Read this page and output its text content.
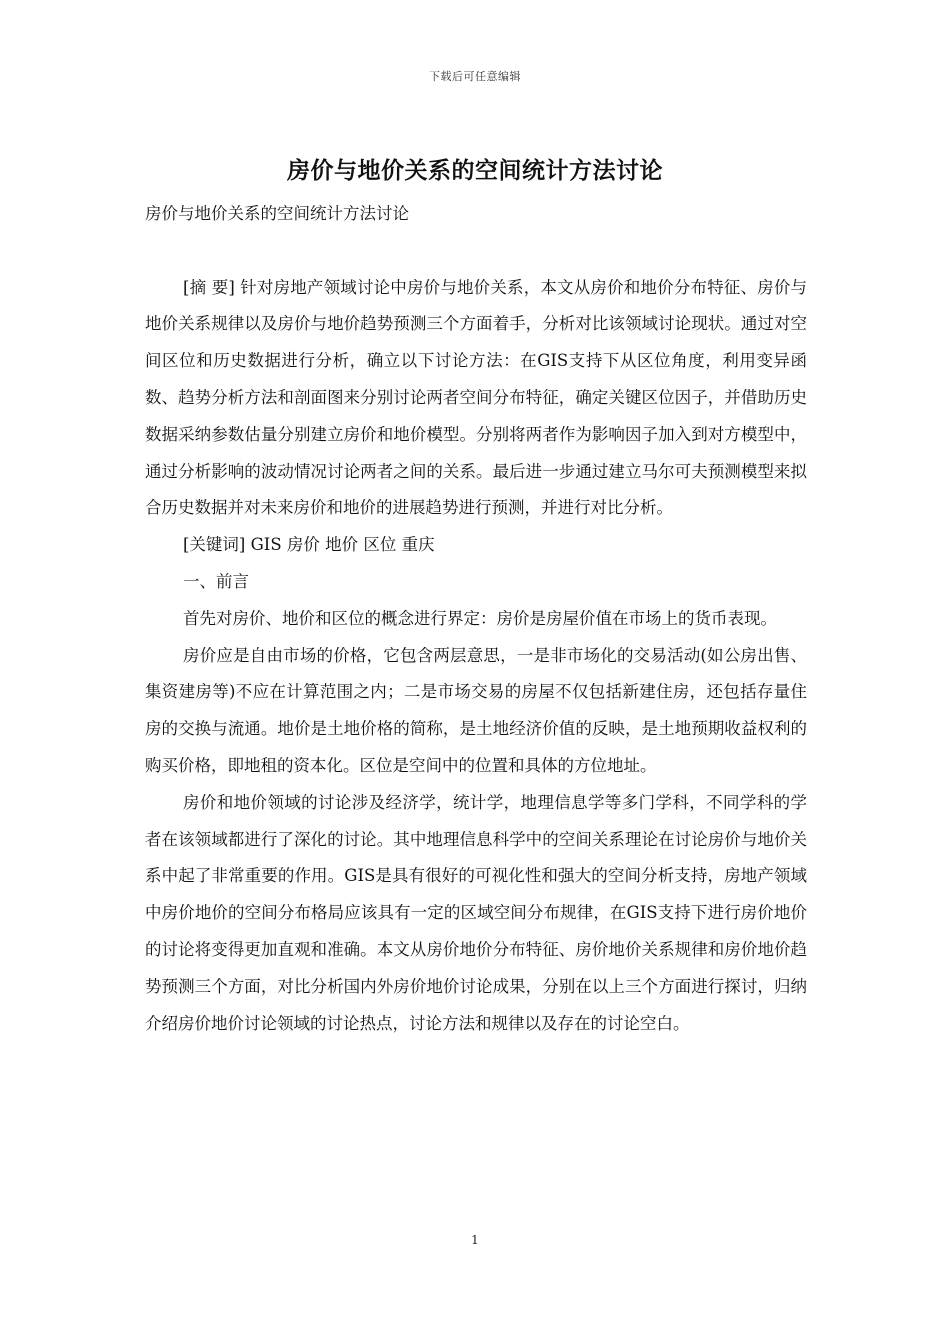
下载后可任意编辑
房价与地价关系的空间统计方法讨论

房价与地价关系的空间统计方法讨论

[摘 要] 针对房地产领域讨论中房价与地价关系，本文从房价和地价分布特征、房价与地价关系规律以及房价与地价趋势预测三个方面着手，分析对比该领域讨论现状。通过对空间区位和历史数据进行分析，确立以下讨论方法：在GIS支持下从区位角度，利用变异函数、趋势分析方法和剖面图来分别讨论两者空间分布特征，确定关键区位因子，并借助历史数据采纳参数估量分别建立房价和地价模型。分别将两者作为影响因子加入到对方模型中，通过分析影响的波动情况讨论两者之间的关系。最后进一步通过建立马尔可夫预测模型来拟合历史数据并对未来房价和地价的进展趋势进行预测，并进行对比分析。

[关键词] GIS 房价 地价 区位 重庆

一、前言

首先对房价、地价和区位的概念进行界定：房价是房屋价值在市场上的货币表现。

房价应是自由市场的价格，它包含两层意思，一是非市场化的交易活动(如公房出售、集资建房等)不应在计算范围之内；二是市场交易的房屋不仅包括新建住房，还包括存量住房的交换与流通。地价是土地价格的简称，是土地经济价值的反映，是土地预期收益权利的购买价格，即地租的资本化。区位是空间中的位置和具体的方位地址。

房价和地价领域的讨论涉及经济学，统计学，地理信息学等多门学科，不同学科的学者在该领域都进行了深化的讨论。其中地理信息科学中的空间关系理论在讨论房价与地价关系中起了非常重要的作用。GIS是具有很好的可视化性和强大的空间分析支持，房地产领域中房价地价的空间分布格局应该具有一定的区域空间分布规律，在GIS支持下进行房价地价的讨论将变得更加直观和准确。本文从房价地价分布特征、房价地价关系规律和房价地价趋势预测三个方面，对比分析国内外房价地价讨论成果，分别在以上三个方面进行探讨，归纳介绍房价地价讨论领域的讨论热点，讨论方法和规律以及存在的讨论空白。

1
